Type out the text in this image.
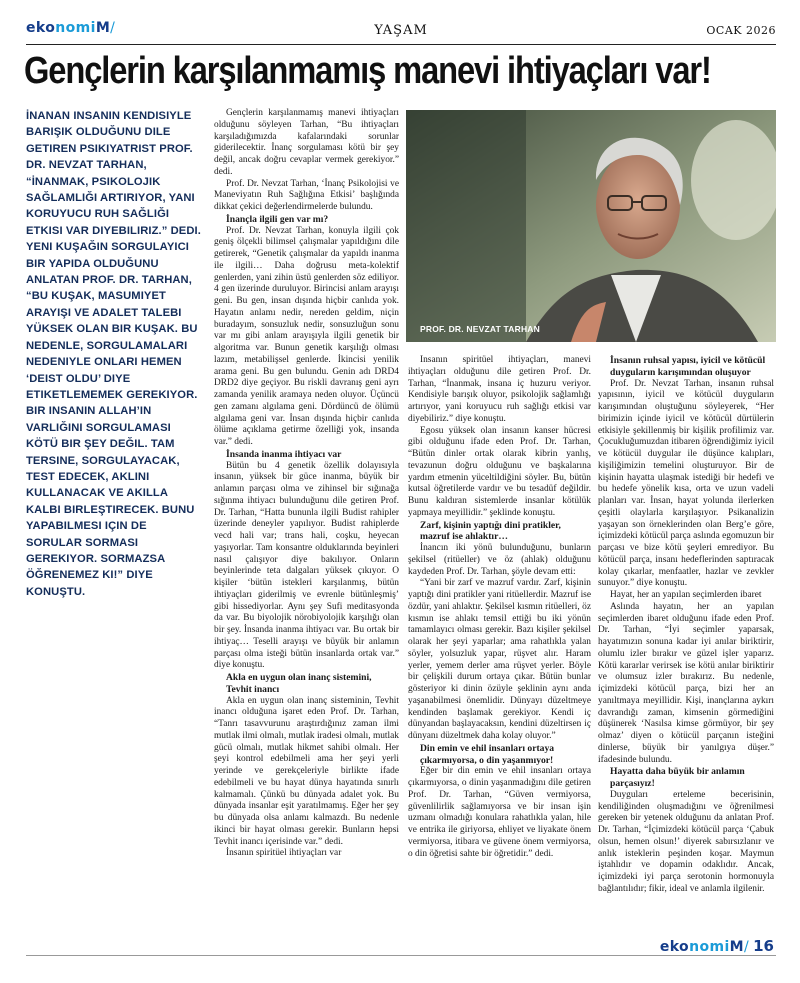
ekonomiM/	YAŞAM	OCAK 2026
Gençlerin karşılanmamış manevi ihtiyaçları var!

İNANAN INSANIN KENDISIYLE BARIŞIK OLDUĞUNU DILE GETIREN PSIKIYATRIST PROF. DR. NEVZAT TARHAN, “İNANMAK, PSIKOLOJIK SAĞLAMLIĞI ARTIRIYOR, YANI KORUYUCU RUH SAĞLIĞI ETKISI VAR DIYEBILIRIZ.” DEDI.

YENI KUŞAĞIN SORGULAYICI BIR YAPIDA OLDUĞUNU ANLATAN PROF. DR. TARHAN, “BU KUŞAK, MASUMIYET ARAYIŞI VE ADALET TALEBI YÜKSEK OLAN BIR KUŞAK. BU NEDENLE, SORGULAMALARI NEDENIYLE ONLARI HEMEN ‘DEIST OLDU’ DIYE ETIKETLEMEMEK GEREKIYOR.

BIR INSANIN ALLAH’IN VARLIĞINI SORGULAMASI KÖTÜ BIR ŞEY DEĞIL. TAM TERSINE, SORGULAYACAK, TEST EDECEK, AKLINI KULLANACAK VE AKILLA KALBI BIRLEŞTIRECEK. BUNU YAPABILMESI IÇIN DE SORULAR SORMASI GEREKIYOR. SORMAZSA ÖĞRENEMEZ KI!” DIYE KONUŞTU.

Gençlerin karşılanmamış manevi ihtiyaçları olduğunu söyleyen Tarhan, “Bu ihtiyaçları karşıladığımızda kafalarındaki sorunlar giderilecektir. İnanç sorgulaması kötü bir şey değil, ancak doğru cevaplar vermek gerekiyor.” dedi.

Prof. Dr. Nevzat Tarhan, ‘İnanç Psikolojisi ve Maneviyatın Ruh Sağlığına Etkisi’ başlığında dikkat çekici değerlendirmelerde bulundu.

İnançla ilgili gen var mı?

Prof. Dr. Nevzat Tarhan, konuyla ilgili çok geniş ölçekli bilimsel çalışmalar yapıldığını dile getirerek, “Genetik çalışmalar da yapıldı inanma ile ilgili… Daha doğrusu meta-kolektif genlerden, yani zihin üstü genlerden söz ediliyor. 4 gen üzerinde duruluyor. Birincisi anlam arayışı geni. Bu gen, insan dışında hiçbir canlıda yok. Hayatın anlamı nedir, nereden geldim, niçin buradayım, sonsuzluk nedir, sonsuzluğun sonu var mı gibi anlam arayışıyla ilgili genetik bir algoritma var. Bunun genetik karşılığı olması lazım, metabilişsel genlerde. İkincisi yenilik arama geni. Bu gen bulundu. Genin adı DRD4 DRD2 diye geçiyor. Bu riskli davranış geni ayrı zamanda yenilik aramaya neden oluyor. Üçüncü gen zamanı algılama geni. Dördüncü de ölümü algılama geni var. İnsan dışında hiçbir canlıda ölüme açıklama getirme özelliği yok, insanda var.” dedi.

İnsanda inanma ihtiyacı var

Bütün bu 4 genetik özellik dolayısıyla insanın, yüksek bir güce inanma, büyük bir anlamın parçası olma ve zihinsel bir sığınağa sığınma ihtiyacı bulunduğunu dile getiren Prof. Dr. Tarhan, “Hatta bununla ilgili Budist rahipler üzerinde deneyler yapılıyor. Budist rahiplerde vecd hali var; trans hali, coşku, heyecan yaşıyorlar. Tam konsantre olduklarında beyinleri nasıl çalışıyor diye bakılıyor. Onların beyinlerinde teta dalgaları yüksek çıkıyor. O kişiler ‘bütün istekleri karşılanmış, bütün ihtiyaçları giderilmiş ve evrenle bütünleşmiş’ gibi hissediyorlar. Aynı şey Sufi meditasyonda da var. Bu biyolojik nörobiyolojik karşılığı olan bir şey. İnsanda inanma ihtiyacı var. Bu ortak bir ihtiyaç… Teselli arayışı ve büyük bir anlamın parçası olma isteği bütün insanlarda ortak var.” diye konuştu.

Akla en uygun olan inanç sistemini, Tevhit inancı

Akla en uygun olan inanç sisteminin, Tevhit inancı olduğuna işaret eden Prof. Dr. Tarhan, “Tanrı tasavvurunu araştırdığınız zaman ilmi mutlak ilmi olmalı, mutlak iradesi olmalı, mutlak gücü olmalı, mutlak hikmet sahibi olmalı. Her şeyi kontrol edebilmeli ama her şeyi yerli yerinde ve gerekçeleriyle birlikte ifade edebilmeli ve bu hayat dünya hayatında sınırlı kalmamalı. Çünkü bu dünyada adalet yok. Bu dünyada insanlar eşit yaratılmamış. Eğer her şey bu dünyada olsa anlamı kalmazdı. Bu nedenle ikinci bir hayat olması gerekir. Bunların hepsi Tevhit inancı içerisinde var.” dedi.

İnsanın spiritüel ihtiyaçları var

PROF. DR. NEVZAT TARHAN

İnsanın spiritüel ihtiyaçları, manevi ihtiyaçları olduğunu dile getiren Prof. Dr. Tarhan, “İnanmak, insana iç huzuru veriyor. Kendisiyle barışık oluyor, psikolojik sağlamlığı artırıyor, yani koruyucu ruh sağlığı etkisi var diyebiliriz.” diye konuştu.

Egosu yüksek olan insanın kanser hücresi gibi olduğunu ifade eden Prof. Dr. Tarhan, “Bütün dinler ortak olarak kibrin yanlış, tevazunun doğru olduğunu ve başkalarına yardım etmenin yüceltildiğini söyler. Bu, bütün kutsal öğretilerde vardır ve bu tesadüf değildir. Bunu kaldıran sistemlerde insanlar kötülük yapmaya meyillidir.” şeklinde konuştu.

Zarf, kişinin yaptığı dini pratikler, mazruf ise ahlaktır…

İnancın iki yönü bulunduğunu, bunların şekilsel (ritüeller) ve öz (ahlak) olduğunu kaydeden Prof. Dr. Tarhan, şöyle devam etti:

“Yani bir zarf ve mazruf vardır. Zarf, kişinin yaptığı dini pratikler yani ritüellerdir. Mazruf ise özdür, yani ahlaktır. Şekilsel kısmın ritüelleri, öz kısmın ise ahlakı temsil ettiği bu iki yönün tamamlayıcı olması gerekir. Bazı kişiler şekilsel olarak her şeyi yaparlar; ama rahatlıkla yalan söyler, yolsuzluk yapar, rüşvet alır. Haram yerler, yemem derler ama rüşvet yerler. Böyle bir çelişkili durum ortaya çıkar. Bütün bunlar gösteriyor ki dinin özüyle şeklinin aynı anda yaşanabilmesi önemlidir. Dünyayı düzeltmeye kendinden başlamak gerekiyor. Kendi iç dünyandan başlayacaksın, kendini düzeltirsen iç dünyanı düzeltmek daha kolay oluyor.”

Din emin ve ehil insanları ortaya çıkarmıyorsa, o din yaşanmıyor!

Eğer bir din emin ve ehil insanları ortaya çıkarmıyorsa, o dinin yaşanmadığını dile getiren Prof. Dr. Tarhan, “Güven vermiyorsa, güvenlilirlik sağlamıyorsa ve bir insan işin uzmanı olmadığı konulara rahatlıkla yalan, hile ve entrika ile giriyorsa, ehliyet ve liyakate önem vermiyorsa, itibara ve güvene önem vermiyorsa, o din öğretisi sahte bir öğretidir.” dedi.

İnsanın ruhsal yapısı, iyicil ve kötücül duyguların karışımından oluşuyor

Prof. Dr. Nevzat Tarhan, insanın ruhsal yapısının, iyicil ve kötücül duyguların karışımından oluştuğunu söyleyerek, “Her birimizin içinde iyicil ve kötücül dürtülerin etkisiyle şekillenmiş bir kişilik profilimiz var. Çocukluğumuzdan itibaren öğrendiğimiz iyicil ve kötücül duygular ile düşünce kalıpları, kişiliğimizin temelini oluşturuyor. Bir de kişinin hayatta ulaşmak istediği bir hedefi ve bu hedefe yönelik kısa, orta ve uzun vadeli planları var. İnsan, hayat yolunda ilerlerken çeşitli olaylarla karşılaşıyor. Psikanalizin yaşayan son örneklerinden olan Berg’e göre, içimizdeki kötücül parça aslında egomuzun bir parçası ve bize kötü şeyleri emrediyor. Bu kötücül parça, insanı hedeflerinden saptıracak kolay çıkarlar, menfaatler, hazlar ve zevkler sunuyor.” diye konuştu.

Hayat, her an yapılan seçimlerden ibaret

Aslında hayatın, her an yapılan seçimlerden ibaret olduğunu ifade eden Prof. Dr. Tarhan, “İyi seçimler yaparsak, hayatımızın sonuna kadar iyi anılar biriktirir, olumlu izler bırakır ve güzel işler yaparız. Kötü kararlar verirsek ise kötü anılar biriktirir ve olumsuz izler bırakırız. Bu nedenle, içimizdeki kötücül parça, bizi her an yanıltmaya meyillidir. Kişi, inançlarına aykırı davrandığı zaman, kimsenin görmediğini düşünerek ‘Nasılsa kimse görmüyor, bir şey olmaz’ diyen o kötücül parçanın isteğini dinlerse, büyük bir yanılgıya düşer.” ifadesinde bulundu.

Hayatta daha büyük bir anlamın parçasıyız!

Duyguları erteleme becerisinin, kendiliğinden oluşmadığını ve öğrenilmesi gereken bir yetenek olduğunu da anlatan Prof. Dr. Tarhan, “İçimizdeki kötücül parça ‘Çabuk olsun, hemen olsun!’ diyerek sabırsızlanır ve anlık isteklerin peşinden koşar. Maymun iştahlıdır ve dopamin odaklıdır. Ancak, içimizdeki iyi parça serotonin hormonuyla bağlantılıdır; fikir, ideal ve anlamla ilgilenir.

ekonomiM/ 16
